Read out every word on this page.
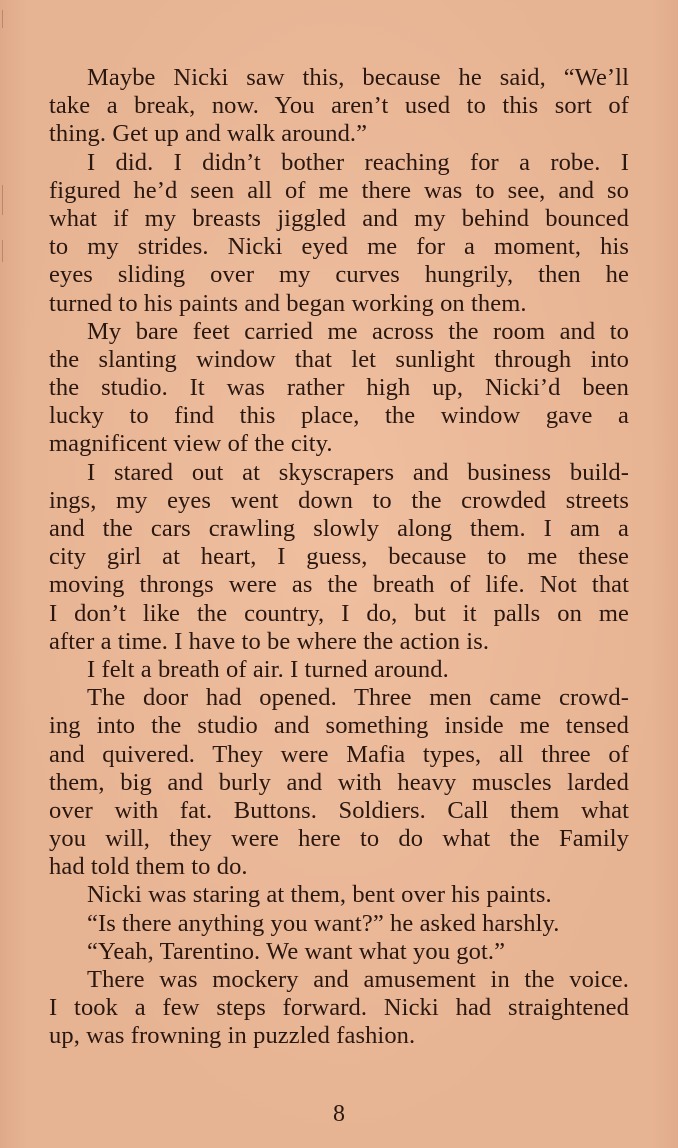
Maybe Nicki saw this, because he said, “We’ll
take a break, now. You aren’t used to this sort of
thing. Get up and walk around.”
I did. I didn’t bother reaching for a robe. I
figured he’d seen all of me there was to see, and so
what if my breasts jiggled and my behind bounced
to my strides. Nicki eyed me for a moment, his
eyes sliding over my curves hungrily, then he
turned to his paints and began working on them.
My bare feet carried me across the room and to
the slanting window that let sunlight through into
the studio. It was rather high up, Nicki’d been
lucky to find this place, the window gave a
magnificent view of the city.
I stared out at skyscrapers and business build-
ings, my eyes went down to the crowded streets
and the cars crawling slowly along them. I am a
city girl at heart, I guess, because to me these
moving throngs were as the breath of life. Not that
I don’t like the country, I do, but it palls on me
after a time. I have to be where the action is.
I felt a breath of air. I turned around.
The door had opened. Three men came crowd-
ing into the studio and something inside me tensed
and quivered. They were Mafia types, all three of
them, big and burly and with heavy muscles larded
over with fat. Buttons. Soldiers. Call them what
you will, they were here to do what the Family
had told them to do.
Nicki was staring at them, bent over his paints.
“Is there anything you want?” he asked harshly.
“Yeah, Tarentino. We want what you got.”
There was mockery and amusement in the voice.
I took a few steps forward. Nicki had straightened
up, was frowning in puzzled fashion.
8
